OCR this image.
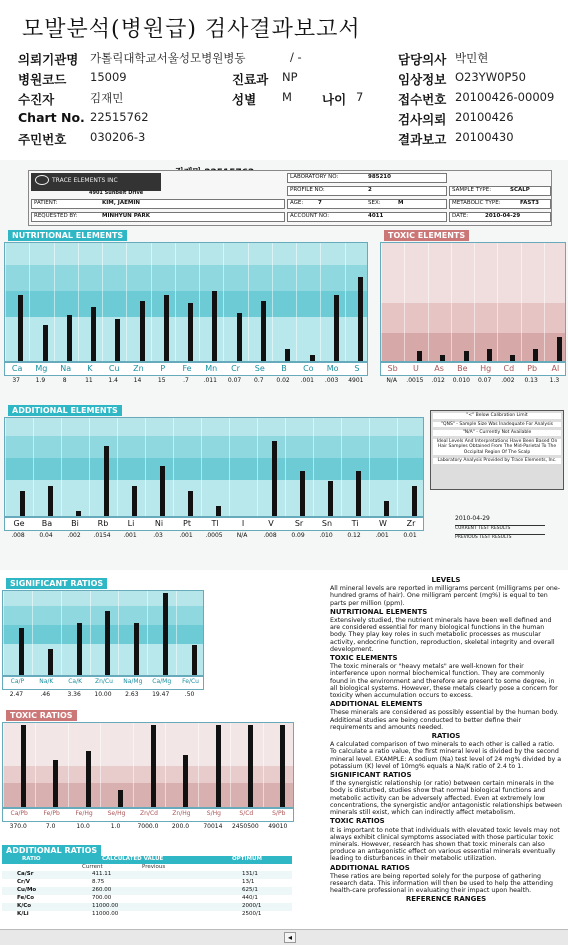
모발분석(병원급) 검사결과보고서
의뢰기관명 가톨릭대학교서울성모병원병동	/ -	담당의사 박민현
병원코드 15009	진료과 NP	임상정보 O23YW0P50
수진자	김재민	성별 M 나이 7	접수번호 20100426-00009
Chart No. 22515762	검사의뢰 20100426
주민번호 030206-3	결과보고 20100430
TRACE ELEMENTS INC
4901 Sunbelt Drive
LABORATORY NO:	985210
PROFILE NO:	2	SAMPLE TYPE:	SCALP
AGE:	7	SEX:	M	METABOLIC TYPE:	FAST3
ACCOUNT NO:	4011	DATE:	2010-04-29
PATIENT:	KIM, JAEMIN
REQUESTED BY:	MINHYUN PARK
NUTRITIONAL ELEMENTS
Ca	Mg	Na	K	Cu	Zn	P	Fe	Mn	Cr	Se	B	Co	Mo	S
37	1.9	8	11	1.4	14	15	.7	.011	0.07	0.7	0.02	.001	.003	4901
TOXIC ELEMENTS
Sb	U	As	Be	Hg	Cd	Pb	Al
N/A	.0015	.012	0.010	0.07	.002	0.13	1.3
ADDITIONAL ELEMENTS
Ge	Ba	Bi	Rb	Li	Ni	Pt	Tl	I	V	Sr	Sn	Ti	W	Zr
.008	0.04	.002	.0154	.001	.03	.001	.0005	N/A	.008	0.09	.010	0.12	.001	0.01
"<" Below Calibration Limit
"QNS" - Sample Size Was Inadequate For Analysis
"N/A" - Currently Not Available
Ideal Levels And Interpretations Have Been Based On Hair Samples Obtained From The Mid-Parietal To The Occipital Region Of The Scalp
Laboratory Analysis Provided by Trace Elements, Inc.
2010-04-29
CURRENT TEST RESULTS
PREVIOUS TEST RESULTS
SIGNIFICANT RATIOS
Ca/P	Na/K	Ca/K	Zn/Cu	Na/Mg	Ca/Mg	Fe/Cu
2.47	.46	3.36	10.00	2.63	19.47	.50
TOXIC RATIOS
Ca/Pb	Fe/Pb	Fe/Hg	Se/Hg	Zn/Cd	Zn/Hg	S/Hg	S/Cd	S/Pb
370.0	7.0	10.0	1.0	7000.0	200.0	70014	2450500	49010
ADDITIONAL RATIOS
RATIO	CALCULATED VALUE	OPTIMUM
Current	Previous
Ca/Sr	411.11	131/1
Cr/V	8.75	13/1
Cu/Mo	260.00	625/1
Fe/Co	700.00	440/1
K/Co	11000.00	2000/1
K/Li	11000.00	2500/1
LEVELS
All mineral levels are reported in milligrams percent (milligrams per one-hundred grams of hair). One milligram percent (mg%) is equal to ten parts per million (ppm).
NUTRITIONAL ELEMENTS
Extensively studied, the nutrient minerals have been well defined and are considered essential for many biological functions in the human body. They play key roles in such metabolic processes as muscular activity, endocrine function, reproduction, skeletal integrity and overall development.
TOXIC ELEMENTS
The toxic minerals or "heavy metals" are well-known for their interference upon normal biochemical function. They are commonly found in the environment and therefore are present to some degree, in all biological systems. However, these metals clearly pose a concern for toxicity when accumulation occurs to excess.
ADDITIONAL ELEMENTS
These minerals are considered as possibly essential by the human body. Additional studies are being conducted to better define their requirements and amounts needed.
RATIOS
A calculated comparison of two minerals to each other is called a ratio. To calculate a ratio value, the first mineral level is divided by the second mineral level. EXAMPLE: A sodium (Na) test level of 24 mg% divided by a potassium (K) level of 10mg% equals a Na/K ratio of 2.4 to 1.
SIGNIFICANT RATIOS
If the synergistic relationship (or ratio) between certain minerals in the body is disturbed, studies show that normal biological functions and metabolic activity can be adversely affected. Even at extremely low concentrations, the synergistic and/or antagonistic relationships between minerals still exist, which can indirectly affect metabolism.
TOXIC RATIOS
It is important to note that individuals with elevated toxic levels may not always exhibit clinical symptoms associated with those particular toxic minerals. However, research has shown that toxic minerals can also produce an antagonistic effect on various essential minerals eventually leading to disturbances in their metabolic utilization.
ADDITIONAL RATIOS
These ratios are being reported solely for the purpose of gathering research data. This information will then be used to help the attending health-care professional in evaluating their impact upon health.
REFERENCE RANGES
◂
